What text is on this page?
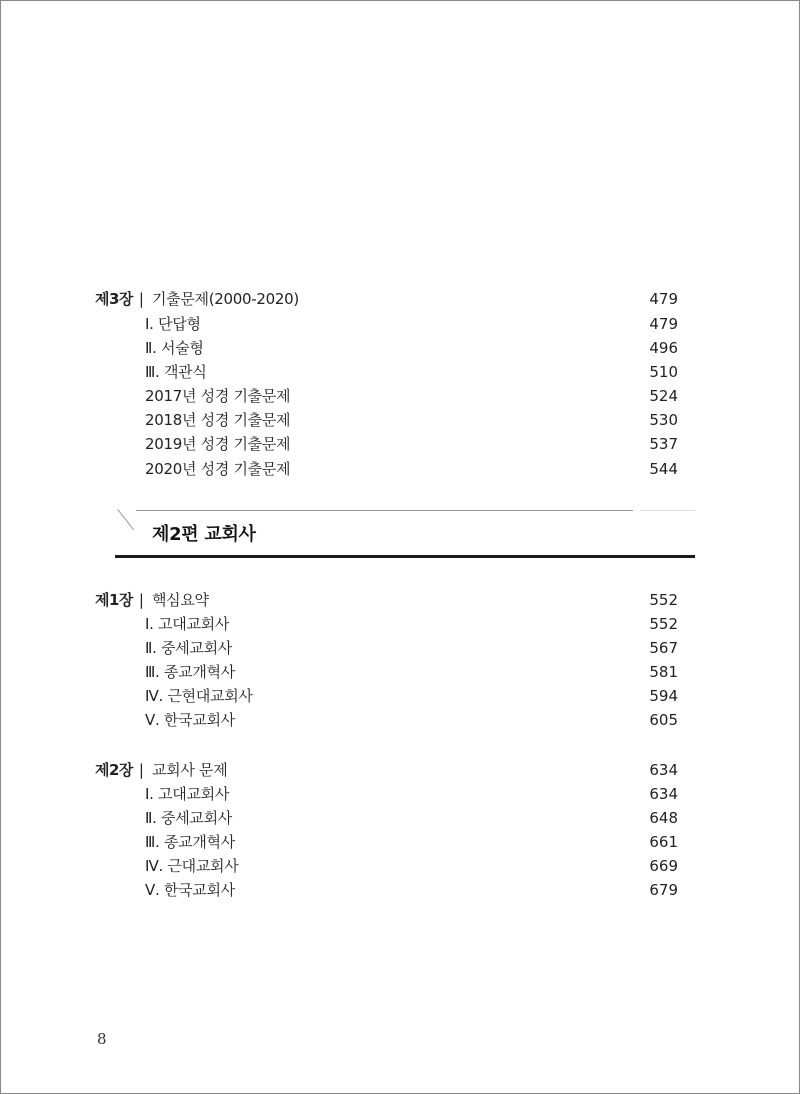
제3장 | 기출문제(2000-2020)	479
Ⅰ. 단답형	479
Ⅱ. 서술형	496
Ⅲ. 객관식	510
2017년 성경 기출문제	524
2018년 성경 기출문제	530
2019년 성경 기출문제	537
2020년 성경 기출문제	544
제2편 교회사
제1장 | 핵심요약	552
Ⅰ. 고대교회사	552
Ⅱ. 중세교회사	567
Ⅲ. 종교개혁사	581
Ⅳ. 근현대교회사	594
Ⅴ. 한국교회사	605
제2장 | 교회사 문제	634
Ⅰ. 고대교회사	634
Ⅱ. 중세교회사	648
Ⅲ. 종교개혁사	661
Ⅳ. 근대교회사	669
Ⅴ. 한국교회사	679
8
